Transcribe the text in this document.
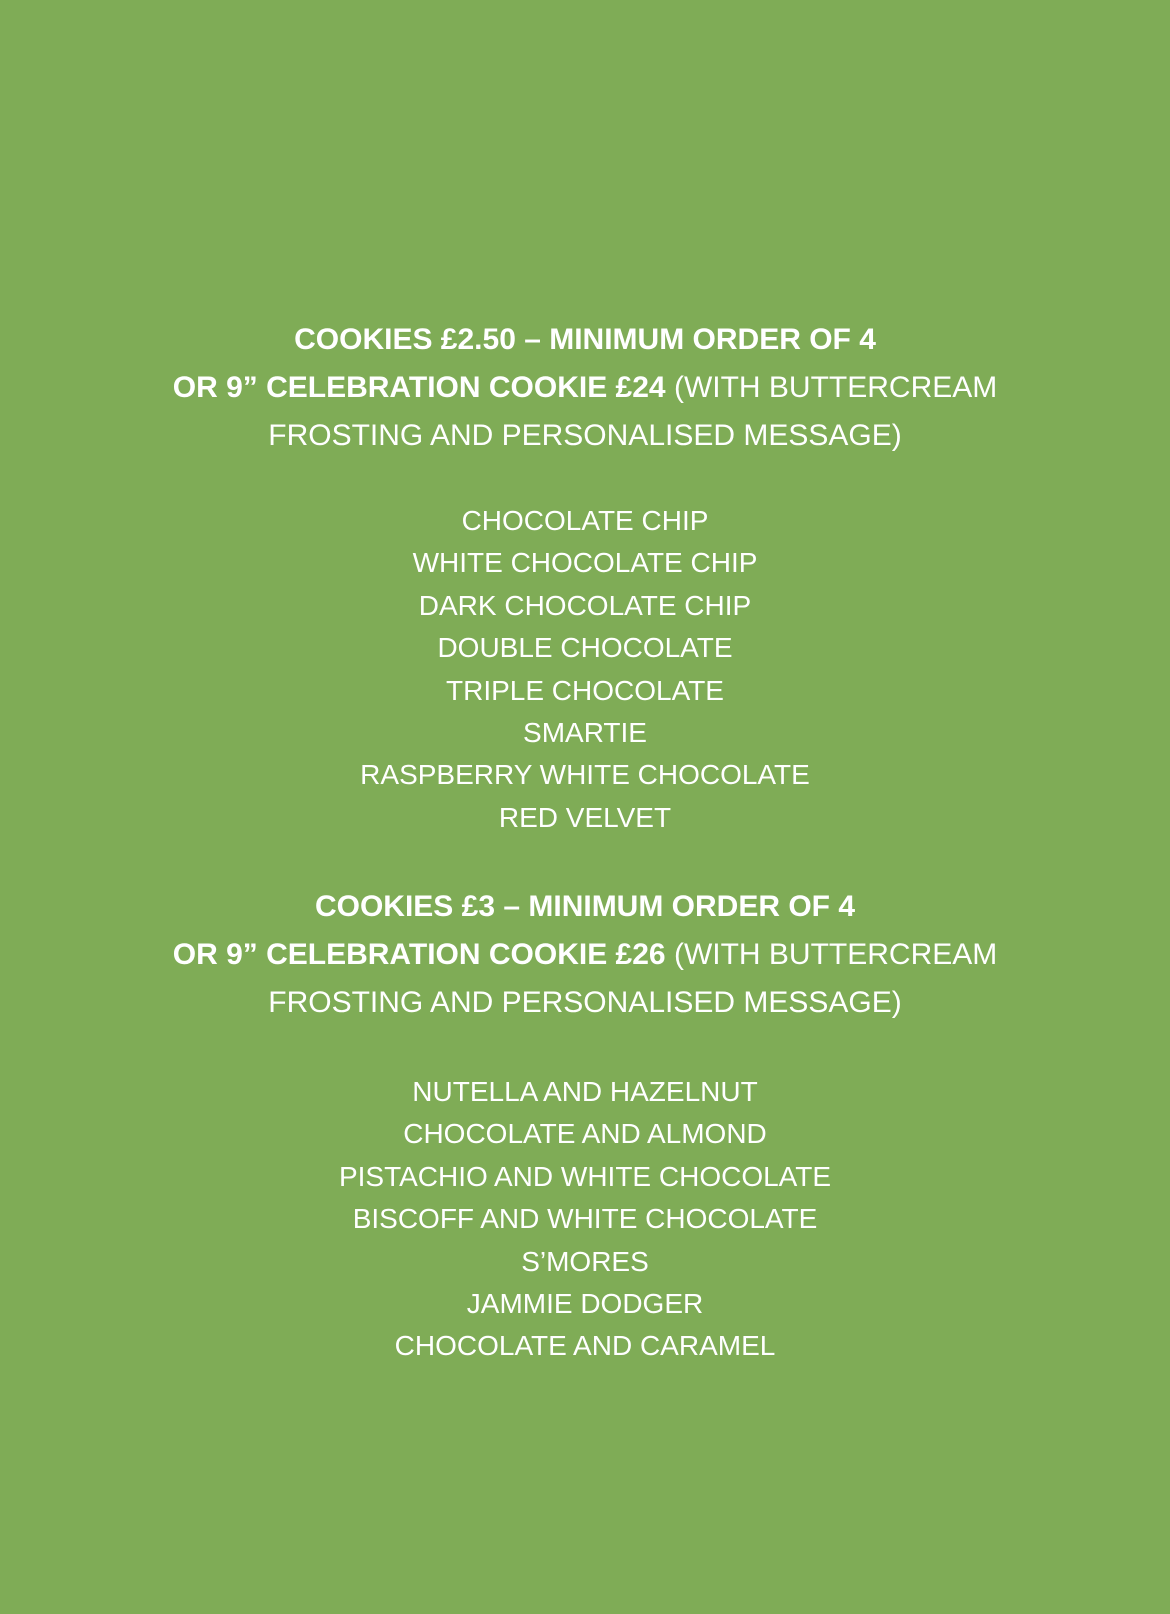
COOKIES £2.50 – MINIMUM ORDER OF 4
OR 9” CELEBRATION COOKIE £24 (WITH BUTTERCREAM
FROSTING AND PERSONALISED MESSAGE)
CHOCOLATE CHIP
WHITE CHOCOLATE CHIP
DARK CHOCOLATE CHIP
DOUBLE CHOCOLATE
TRIPLE CHOCOLATE
SMARTIE
RASPBERRY WHITE CHOCOLATE
RED VELVET
COOKIES £3 – MINIMUM ORDER OF 4
OR 9” CELEBRATION COOKIE £26 (WITH BUTTERCREAM
FROSTING AND PERSONALISED MESSAGE)
NUTELLA AND HAZELNUT
CHOCOLATE AND ALMOND
PISTACHIO AND WHITE CHOCOLATE
BISCOFF AND WHITE CHOCOLATE
S’MORES
JAMMIE DODGER
CHOCOLATE AND CARAMEL
